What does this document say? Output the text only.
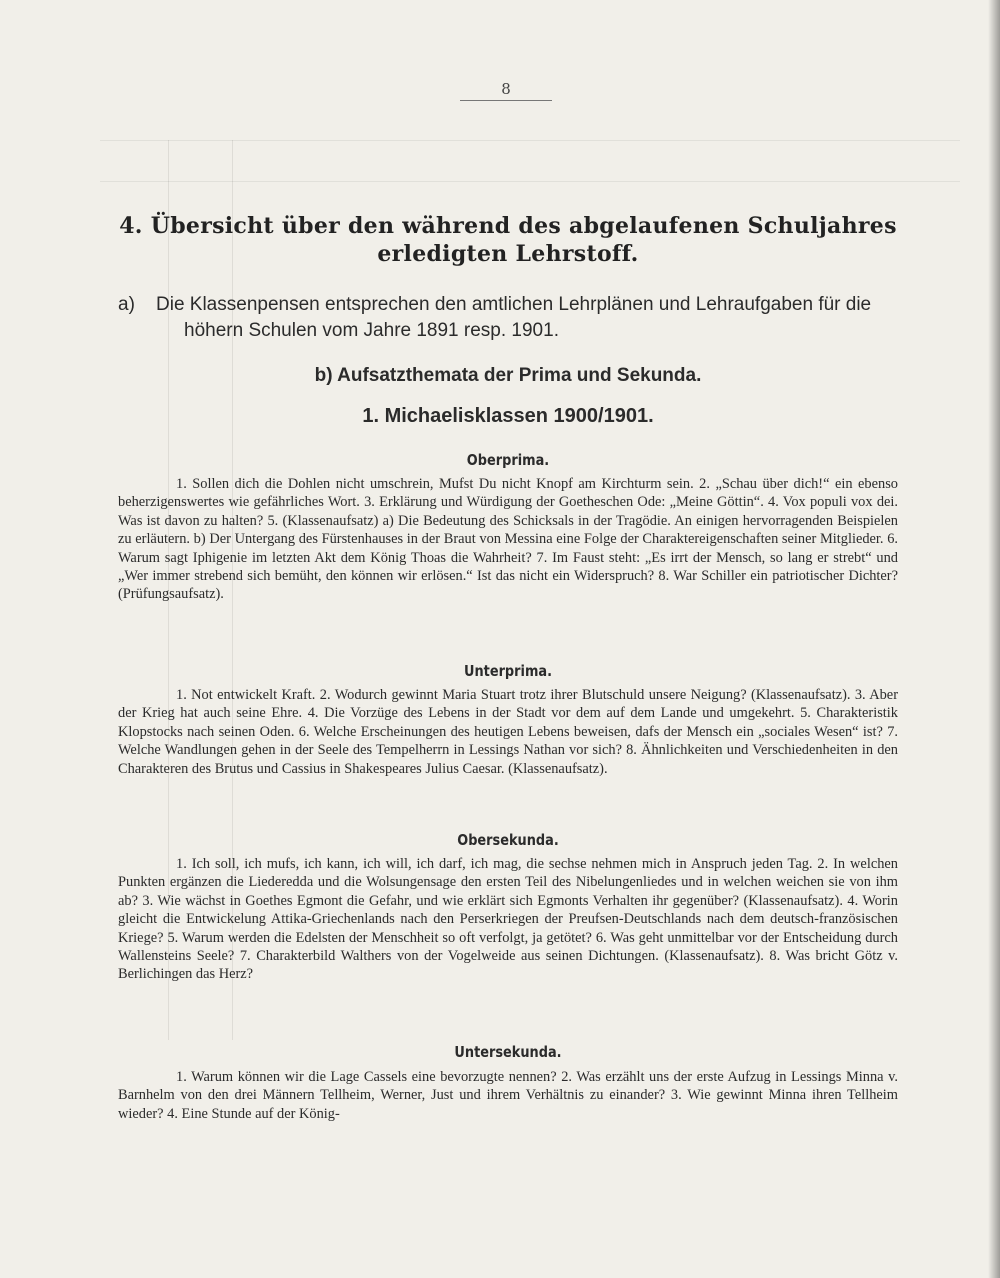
8
4. Übersicht über den während des abgelaufenen Schuljahres erledigten Lehrstoff.

a) Die Klassenpensen entsprechen den amtlichen Lehrplänen und Lehraufgaben für die höhern Schulen vom Jahre 1891 resp. 1901.

b) Aufsatzthemata der Prima und Sekunda.
1. Michaelisklassen 1900/1901.
Oberprima.

1. Sollen dich die Dohlen nicht umschrein, Mufst Du nicht Knopf am Kirchturm sein. 2. „Schau über dich!“ ein ebenso beherzigenswertes wie gefährliches Wort. 3. Erklärung und Würdigung der Goetheschen Ode: „Meine Göttin“. 4. Vox populi vox dei. Was ist davon zu halten? 5. (Klassenaufsatz) a) Die Bedeutung des Schicksals in der Tragödie. An einigen hervorragenden Beispielen zu erläutern. b) Der Untergang des Fürstenhauses in der Braut von Messina eine Folge der Charaktereigenschaften seiner Mitglieder. 6. Warum sagt Iphigenie im letzten Akt dem König Thoas die Wahrheit? 7. Im Faust steht: „Es irrt der Mensch, so lang er strebt“ und „Wer immer strebend sich bemüht, den können wir erlösen.“ Ist das nicht ein Widerspruch? 8. War Schiller ein patriotischer Dichter? (Prüfungsaufsatz).

Unterprima.

1. Not entwickelt Kraft. 2. Wodurch gewinnt Maria Stuart trotz ihrer Blutschuld unsere Neigung? (Klassenaufsatz). 3. Aber der Krieg hat auch seine Ehre. 4. Die Vorzüge des Lebens in der Stadt vor dem auf dem Lande und umgekehrt. 5. Charakteristik Klopstocks nach seinen Oden. 6. Welche Erscheinungen des heutigen Lebens beweisen, dafs der Mensch ein „sociales Wesen“ ist? 7. Welche Wandlungen gehen in der Seele des Tempelherrn in Lessings Nathan vor sich? 8. Ähnlichkeiten und Verschiedenheiten in den Charakteren des Brutus und Cassius in Shakespeares Julius Caesar. (Klassenaufsatz).

Obersekunda.

1. Ich soll, ich mufs, ich kann, ich will, ich darf, ich mag, die sechse nehmen mich in Anspruch jeden Tag. 2. In welchen Punkten ergänzen die Liederedda und die Wolsungensage den ersten Teil des Nibelungenliedes und in welchen weichen sie von ihm ab? 3. Wie wächst in Goethes Egmont die Gefahr, und wie erklärt sich Egmonts Verhalten ihr gegenüber? (Klassenaufsatz). 4. Worin gleicht die Entwickelung Attika-Griechenlands nach den Perserkriegen der Preufsen-Deutschlands nach dem deutsch-französischen Kriege? 5. Warum werden die Edelsten der Menschheit so oft verfolgt, ja getötet? 6. Was geht unmittelbar vor der Entscheidung durch Wallensteins Seele? 7. Charakterbild Walthers von der Vogelweide aus seinen Dichtungen. (Klassenaufsatz). 8. Was bricht Götz v. Berlichingen das Herz?

Untersekunda.

1. Warum können wir die Lage Cassels eine bevorzugte nennen? 2. Was erzählt uns der erste Aufzug in Lessings Minna v. Barnhelm von den drei Männern Tellheim, Werner, Just und ihrem Verhältnis zu einander? 3. Wie gewinnt Minna ihren Tellheim wieder? 4. Eine Stunde auf der König-
